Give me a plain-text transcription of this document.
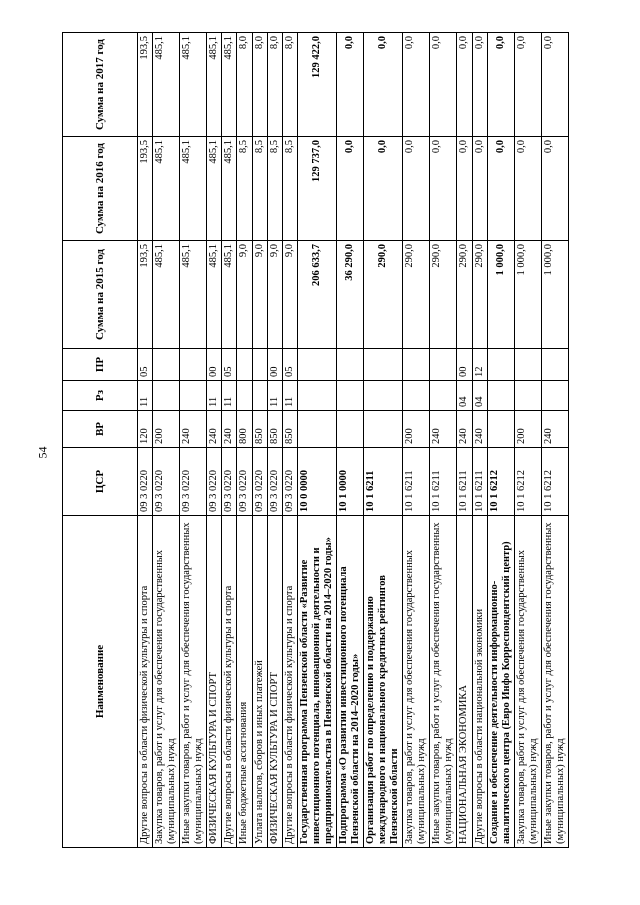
54
Наименование	ЦСР	ВР	Рз	ПР	Сумма на 2015 год	Сумма на 2016 год	Сумма на 2017 год
Другие вопросы в области физической культуры и спорта	09 3 0220	120	11	05	193,5	193,5	193,5
Закупка товаров, работ и услуг для обеспечения государственных (муниципальных) нужд	09 3 0220	200			485,1	485,1	485,1
Иные закупки товаров, работ и услуг для обеспечения государственных (муниципальных) нужд	09 3 0220	240			485,1	485,1	485,1
ФИЗИЧЕСКАЯ КУЛЬТУРА И СПОРТ	09 3 0220	240	11	00	485,1	485,1	485,1
Другие вопросы в области физической культуры и спорта	09 3 0220	240	11	05	485,1	485,1	485,1
Иные бюджетные ассигнования	09 3 0220	800			9,0	8,5	8,0
Уплата налогов, сборов и иных платежей	09 3 0220	850			9,0	8,5	8,0
ФИЗИЧЕСКАЯ КУЛЬТУРА И СПОРТ	09 3 0220	850	11	00	9,0	8,5	8,0
Другие вопросы в области физической культуры и спорта	09 3 0220	850	11	05	9,0	8,5	8,0
Государственная программа Пензенской области «Развитие инвестиционного потенциала, инновационной деятельности и предпринимательства в Пензенской области на 2014–2020 годы»	10 0 0000				206 633,7	129 737,0	129 422,0
Подпрограмма «О развитии инвестиционного потенциала Пензенской области на 2014–2020 годы»	10 1 0000				36 290,0	0,0	0,0
Организация работ по определению и поддержанию международного и национального кредитных рейтингов Пензенской области	10 1 6211				290,0	0,0	0,0
Закупка товаров, работ и услуг для обеспечения государственных (муниципальных) нужд	10 1 6211	200			290,0	0,0	0,0
Иные закупки товаров, работ и услуг для обеспечения государственных (муниципальных) нужд	10 1 6211	240			290,0	0,0	0,0
НАЦИОНАЛЬНАЯ ЭКОНОМИКА	10 1 6211	240	04	00	290,0	0,0	0,0
Другие вопросы в области национальной экономики	10 1 6211	240	04	12	290,0	0,0	0,0
Создание и обеспечение деятельности информационно-аналитического центра (Евро Инфо Корреспондентский центр)	10 1 6212				1 000,0	0,0	0,0
Закупка товаров, работ и услуг для обеспечения государственных (муниципальных) нужд	10 1 6212	200			1 000,0	0,0	0,0
Иные закупки товаров, работ и услуг для обеспечения государственных (муниципальных) нужд	10 1 6212	240			1 000,0	0,0	0,0
